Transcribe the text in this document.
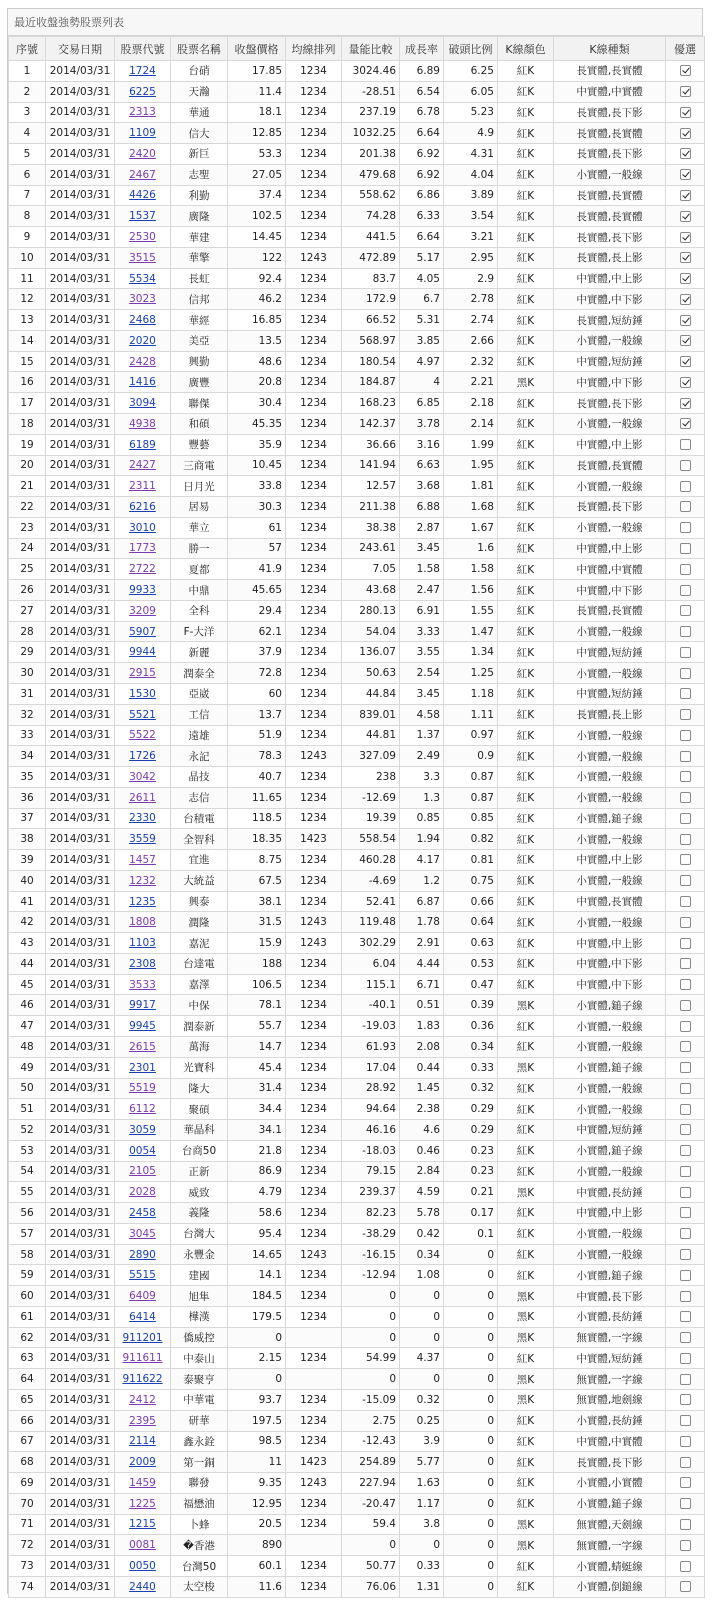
最近收盤強勢股票列表
序號	交易日期	股票代號	股票名稱	收盤價格	均線排列	量能比較	成長率	破頭比例	K線顏色	K線種類	優選
1	2014/03/31	1724	台硝	17.85	1234	3024.46	6.89	6.25	紅K	長實體,長實體	
2	2014/03/31	6225	天瀚	11.4	1234	-28.51	6.54	6.05	紅K	中實體,中實體	
3	2014/03/31	2313	華通	18.1	1234	237.19	6.78	5.23	紅K	長實體,長下影	
4	2014/03/31	1109	信大	12.85	1234	1032.25	6.64	4.9	紅K	長實體,長實體	
5	2014/03/31	2420	新巨	53.3	1234	201.38	6.92	4.31	紅K	長實體,長下影	
6	2014/03/31	2467	志聖	27.05	1234	479.68	6.92	4.04	紅K	小實體,一般線	
7	2014/03/31	4426	利勤	37.4	1234	558.62	6.86	3.89	紅K	長實體,長實體	
8	2014/03/31	1537	廣隆	102.5	1234	74.28	6.33	3.54	紅K	長實體,長實體	
9	2014/03/31	2530	華建	14.45	1234	441.5	6.64	3.21	紅K	長實體,長下影	
10	2014/03/31	3515	華擎	122	1243	472.89	5.17	2.95	紅K	長實體,長上影	
11	2014/03/31	5534	長虹	92.4	1234	83.7	4.05	2.9	紅K	中實體,中上影	
12	2014/03/31	3023	信邦	46.2	1234	172.9	6.7	2.78	紅K	中實體,中下影	
13	2014/03/31	2468	華經	16.85	1234	66.52	5.31	2.74	紅K	長實體,短紡錘	
14	2014/03/31	2020	美亞	13.5	1234	568.97	3.85	2.66	紅K	小實體,一般線	
15	2014/03/31	2428	興勤	48.6	1234	180.54	4.97	2.32	紅K	中實體,短紡錘	
16	2014/03/31	1416	廣豐	20.8	1234	184.87	4	2.21	黑K	中實體,中下影	
17	2014/03/31	3094	聯傑	30.4	1234	168.23	6.85	2.18	紅K	長實體,長下影	
18	2014/03/31	4938	和碩	45.35	1234	142.37	3.78	2.14	紅K	小實體,一般線	
19	2014/03/31	6189	豐藝	35.9	1234	36.66	3.16	1.99	紅K	中實體,中上影	
20	2014/03/31	2427	三商電	10.45	1234	141.94	6.63	1.95	紅K	長實體,長實體	
21	2014/03/31	2311	日月光	33.8	1234	12.57	3.68	1.81	紅K	小實體,一般線	
22	2014/03/31	6216	居易	30.3	1234	211.38	6.88	1.68	紅K	長實體,長下影	
23	2014/03/31	3010	華立	61	1234	38.38	2.87	1.67	紅K	小實體,一般線	
24	2014/03/31	1773	勝一	57	1234	243.61	3.45	1.6	紅K	中實體,中上影	
25	2014/03/31	2722	夏都	41.9	1234	7.05	1.58	1.58	紅K	中實體,中實體	
26	2014/03/31	9933	中鼎	45.65	1234	43.68	2.47	1.56	紅K	中實體,中下影	
27	2014/03/31	3209	全科	29.4	1234	280.13	6.91	1.55	紅K	長實體,長實體	
28	2014/03/31	5907	F-大洋	62.1	1234	54.04	3.33	1.47	紅K	小實體,一般線	
29	2014/03/31	9944	新麗	37.9	1234	136.07	3.55	1.34	紅K	中實體,短紡錘	
30	2014/03/31	2915	潤泰全	72.8	1234	50.63	2.54	1.25	紅K	小實體,一般線	
31	2014/03/31	1530	亞崴	60	1234	44.84	3.45	1.18	紅K	中實體,短紡錘	
32	2014/03/31	5521	工信	13.7	1234	839.01	4.58	1.11	紅K	長實體,長上影	
33	2014/03/31	5522	遠雄	51.9	1234	44.81	1.37	0.97	紅K	小實體,一般線	
34	2014/03/31	1726	永記	78.3	1243	327.09	2.49	0.9	紅K	小實體,一般線	
35	2014/03/31	3042	晶技	40.7	1234	238	3.3	0.87	紅K	小實體,一般線	
36	2014/03/31	2611	志信	11.65	1234	-12.69	1.3	0.87	紅K	小實體,一般線	
37	2014/03/31	2330	台積電	118.5	1234	19.39	0.85	0.85	紅K	小實體,鎚子線	
38	2014/03/31	3559	全智科	18.35	1423	558.54	1.94	0.82	紅K	小實體,一般線	
39	2014/03/31	1457	宜進	8.75	1234	460.28	4.17	0.81	紅K	中實體,中上影	
40	2014/03/31	1232	大統益	67.5	1234	-4.69	1.2	0.75	紅K	小實體,一般線	
41	2014/03/31	1235	興泰	38.1	1234	52.41	6.87	0.66	紅K	中實體,長實體	
42	2014/03/31	1808	潤隆	31.5	1243	119.48	1.78	0.64	紅K	小實體,一般線	
43	2014/03/31	1103	嘉泥	15.9	1243	302.29	2.91	0.63	紅K	中實體,中上影	
44	2014/03/31	2308	台達電	188	1234	6.04	4.44	0.53	紅K	中實體,中下影	
45	2014/03/31	3533	嘉澤	106.5	1234	115.1	6.71	0.47	紅K	中實體,中下影	
46	2014/03/31	9917	中保	78.1	1234	-40.1	0.51	0.39	黑K	小實體,鎚子線	
47	2014/03/31	9945	潤泰新	55.7	1234	-19.03	1.83	0.36	紅K	小實體,一般線	
48	2014/03/31	2615	萬海	14.7	1234	61.93	2.08	0.34	紅K	小實體,一般線	
49	2014/03/31	2301	光寶科	45.4	1234	17.04	0.44	0.33	黑K	小實體,鎚子線	
50	2014/03/31	5519	隆大	31.4	1234	28.92	1.45	0.32	紅K	小實體,一般線	
51	2014/03/31	6112	聚碩	34.4	1234	94.64	2.38	0.29	紅K	小實體,一般線	
52	2014/03/31	3059	華晶科	34.1	1234	46.16	4.6	0.29	紅K	中實體,短紡錘	
53	2014/03/31	0054	台商50	21.8	1234	-18.03	0.46	0.23	紅K	小實體,鎚子線	
54	2014/03/31	2105	正新	86.9	1234	79.15	2.84	0.23	紅K	小實體,一般線	
55	2014/03/31	2028	威致	4.79	1234	239.37	4.59	0.21	黑K	中實體,長紡錘	
56	2014/03/31	2458	義隆	58.6	1234	82.23	5.78	0.17	紅K	中實體,中上影	
57	2014/03/31	3045	台灣大	95.4	1234	-38.29	0.42	0.1	紅K	小實體,一般線	
58	2014/03/31	2890	永豐金	14.65	1243	-16.15	0.34	0	紅K	小實體,一般線	
59	2014/03/31	5515	建國	14.1	1234	-12.94	1.08	0	紅K	小實體,鎚子線	
60	2014/03/31	6409	旭隼	184.5	1234	0	0	0	黑K	中實體,長下影	
61	2014/03/31	6414	樺漢	179.5	1234	0	0	0	黑K	小實體,長紡錘	
62	2014/03/31	911201	僑威控	0		0	0	0	黑K	無實體,一字線	
63	2014/03/31	911611	中泰山	2.15	1234	54.99	4.37	0	紅K	中實體,短紡錘	
64	2014/03/31	911622	泰聚亨	0		0	0	0	黑K	無實體,一字線	
65	2014/03/31	2412	中華電	93.7	1234	-15.09	0.32	0	黑K	無實體,地劍線	
66	2014/03/31	2395	研華	197.5	1234	2.75	0.25	0	紅K	小實體,長紡錘	
67	2014/03/31	2114	鑫永銓	98.5	1234	-12.43	3.9	0	紅K	中實體,中實體	
68	2014/03/31	2009	第一銅	11	1423	254.89	5.77	0	紅K	長實體,長下影	
69	2014/03/31	1459	聯發	9.35	1243	227.94	1.63	0	紅K	小實體,小實體	
70	2014/03/31	1225	福懋油	12.95	1234	-20.47	1.17	0	紅K	小實體,鎚子線	
71	2014/03/31	1215	卜蜂	20.5	1234	59.4	3.8	0	黑K	無實體,天劍線	
72	2014/03/31	0081	�香港	890		0	0	0	黑K	無實體,一字線	
73	2014/03/31	0050	台灣50	60.1	1234	50.77	0.33	0	紅K	小實體,蜻蜓線	
74	2014/03/31	2440	太空梭	11.6	1234	76.06	1.31	0	紅K	小實體,倒鎚線	
